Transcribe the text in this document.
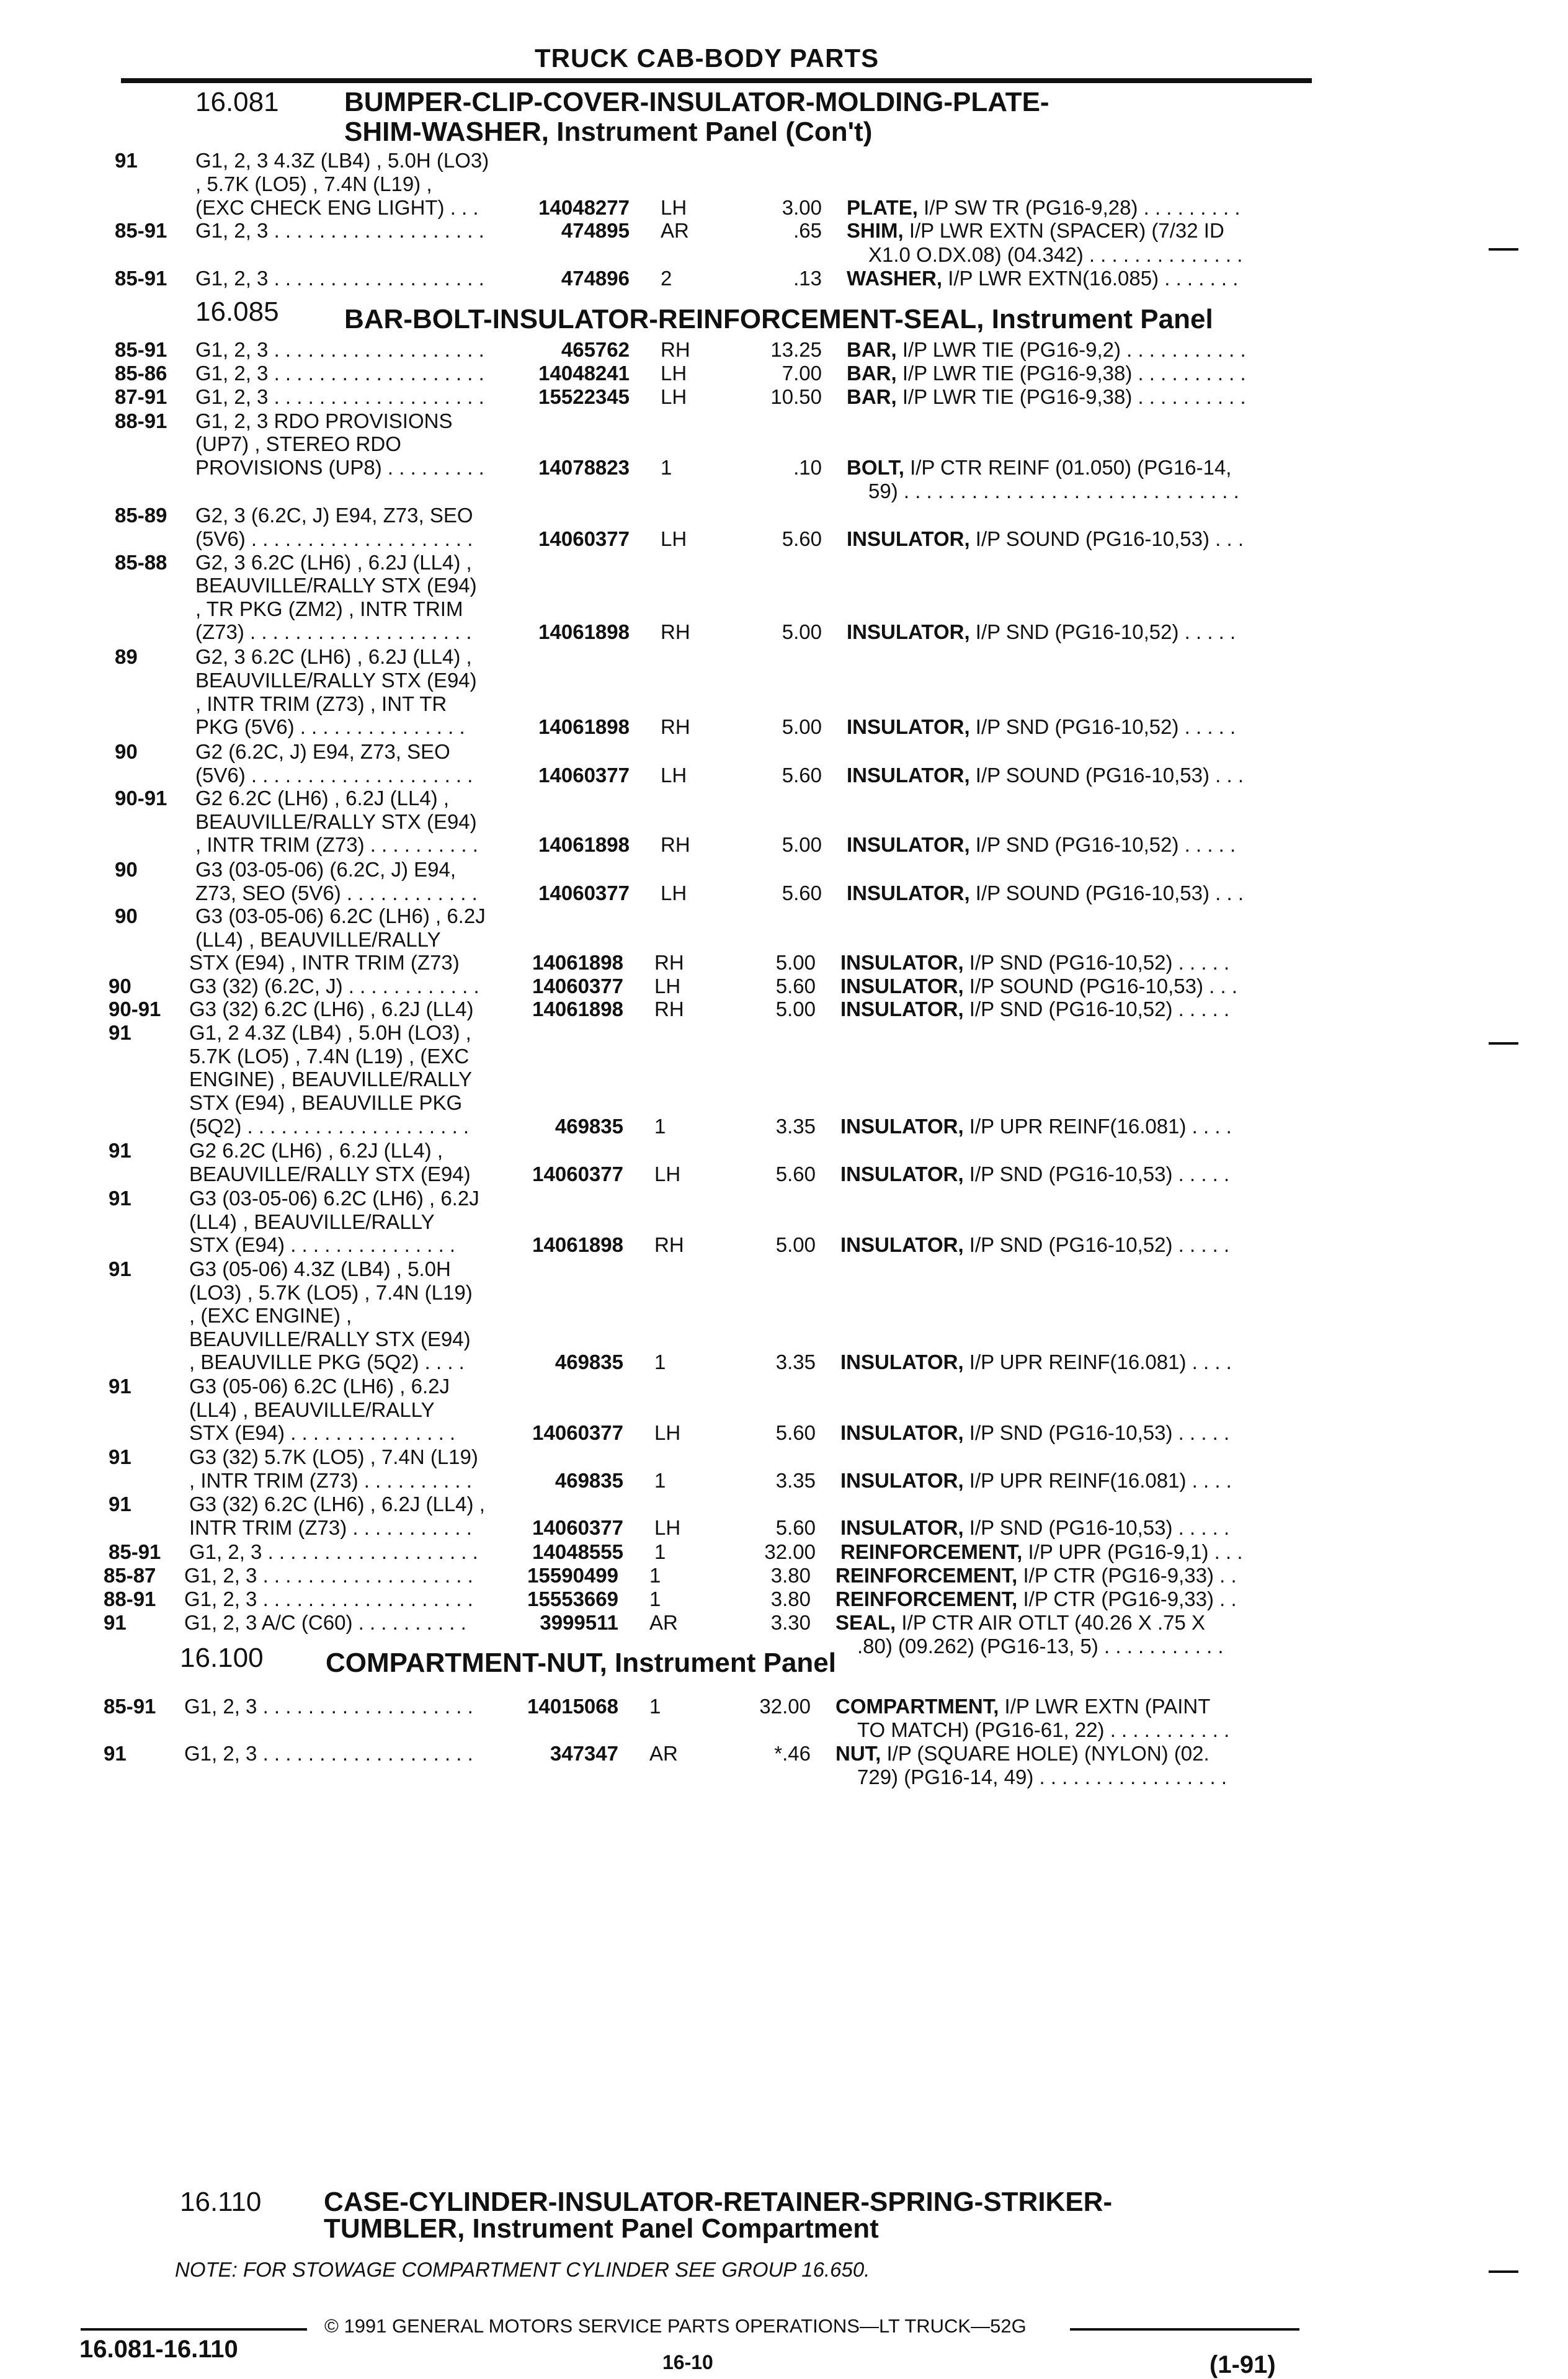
TRUCK CAB-BODY PARTS
91	G1, 2, 3 4.3Z (LB4) , 5.0H (LO3)
, 5.7K (LO5) , 7.4N (L19) ,
(EXC CHECK ENG LIGHT) . . .	14048277 LH	3.00 PLATE, I/P SW TR (PG16-9,28) . . . . . . . . .
85-91 G1, 2, 3 . . . . . . . . . . . . . . . . . . .	474895 AR	.65 SHIM, I/P LWR EXTN (SPACER) (7/32 ID
X1.0 O.DX.08) (04.342) . . . . . . . . . . . . . .
85-91 G1, 2, 3 . . . . . . . . . . . . . . . . . . .	474896 2	.13 WASHER, I/P LWR EXTN(16.085) . . . . . . .
85-91 G1, 2, 3 . . . . . . . . . . . . . . . . . . .	465762 RH	13.25 BAR, I/P LWR TIE (PG16-9,2) . . . . . . . . . . .
85-86 G1, 2, 3 . . . . . . . . . . . . . . . . . . .	14048241 LH	7.00 BAR, I/P LWR TIE (PG16-9,38) . . . . . . . . . .
87-91 G1, 2, 3 . . . . . . . . . . . . . . . . . . .	15522345 LH	10.50 BAR, I/P LWR TIE (PG16-9,38) . . . . . . . . . .
88-91 G1, 2, 3 RDO PROVISIONS
(UP7) , STEREO RDO
PROVISIONS (UP8) . . . . . . . . .	14078823 1	.10 BOLT, I/P CTR REINF (01.050) (PG16-14,
59) . . . . . . . . . . . . . . . . . . . . . . . . . . . . . .
85-89 G2, 3 (6.2C, J) E94, Z73, SEO
(5V6) . . . . . . . . . . . . . . . . . . . .	14060377 LH	5.60 INSULATOR, I/P SOUND (PG16-10,53) . . .
85-88 G2, 3 6.2C (LH6) , 6.2J (LL4) ,
BEAUVILLE/RALLY STX (E94)
, TR PKG (ZM2) , INTR TRIM
(Z73) . . . . . . . . . . . . . . . . . . . .	14061898 RH	5.00 INSULATOR, I/P SND (PG16-10,52) . . . . .
89	G2, 3 6.2C (LH6) , 6.2J (LL4) ,
BEAUVILLE/RALLY STX (E94)
, INTR TRIM (Z73) , INT TR
PKG (5V6) . . . . . . . . . . . . . . .	14061898 RH	5.00 INSULATOR, I/P SND (PG16-10,52) . . . . .
90	G2 (6.2C, J) E94, Z73, SEO
(5V6) . . . . . . . . . . . . . . . . . . . .	14060377 LH	5.60 INSULATOR, I/P SOUND (PG16-10,53) . . .
90-91 G2 6.2C (LH6) , 6.2J (LL4) ,
BEAUVILLE/RALLY STX (E94)
, INTR TRIM (Z73) . . . . . . . . . .	14061898 RH	5.00 INSULATOR, I/P SND (PG16-10,52) . . . . .
90	G3 (03-05-06) (6.2C, J) E94,
Z73, SEO (5V6) . . . . . . . . . . . .	14060377 LH	5.60 INSULATOR, I/P SOUND (PG16-10,53) . . .
90	G3 (03-05-06) 6.2C (LH6) , 6.2J
(LL4) , BEAUVILLE/RALLY
STX (E94) , INTR TRIM (Z73)	14061898 RH	5.00 INSULATOR, I/P SND (PG16-10,52) . . . . .
90	G3 (32) (6.2C, J) . . . . . . . . . . . .	14060377 LH	5.60 INSULATOR, I/P SOUND (PG16-10,53) . . .
90-91 G3 (32) 6.2C (LH6) , 6.2J (LL4)	14061898 RH	5.00 INSULATOR, I/P SND (PG16-10,52) . . . . .
91	G1, 2 4.3Z (LB4) , 5.0H (LO3) ,
5.7K (LO5) , 7.4N (L19) , (EXC
ENGINE) , BEAUVILLE/RALLY
STX (E94) , BEAUVILLE PKG
(5Q2) . . . . . . . . . . . . . . . . . . . .	469835 1	3.35 INSULATOR, I/P UPR REINF(16.081) . . . .
91	G2 6.2C (LH6) , 6.2J (LL4) ,
BEAUVILLE/RALLY STX (E94)	14060377 LH	5.60 INSULATOR, I/P SND (PG16-10,53) . . . . .
91	G3 (03-05-06) 6.2C (LH6) , 6.2J
(LL4) , BEAUVILLE/RALLY
STX (E94) . . . . . . . . . . . . . . .	14061898 RH	5.00 INSULATOR, I/P SND (PG16-10,52) . . . . .
91	G3 (05-06) 4.3Z (LB4) , 5.0H
(LO3) , 5.7K (LO5) , 7.4N (L19)
, (EXC ENGINE) ,
BEAUVILLE/RALLY STX (E94)
, BEAUVILLE PKG (5Q2) . . . .	469835 1	3.35 INSULATOR, I/P UPR REINF(16.081) . . . .
91	G3 (05-06) 6.2C (LH6) , 6.2J
(LL4) , BEAUVILLE/RALLY
STX (E94) . . . . . . . . . . . . . . .	14060377 LH	5.60 INSULATOR, I/P SND (PG16-10,53) . . . . .
91	G3 (32) 5.7K (LO5) , 7.4N (L19)
, INTR TRIM (Z73) . . . . . . . . . .	469835 1	3.35 INSULATOR, I/P UPR REINF(16.081) . . . .
91	G3 (32) 6.2C (LH6) , 6.2J (LL4) ,
INTR TRIM (Z73) . . . . . . . . . . .	14060377 LH	5.60 INSULATOR, I/P SND (PG16-10,53) . . . . .
85-91 G1, 2, 3 . . . . . . . . . . . . . . . . . . .	14048555 1	32.00 REINFORCEMENT, I/P UPR (PG16-9,1) . . .
85-87 G1, 2, 3 . . . . . . . . . . . . . . . . . . .	15590499 1	3.80 REINFORCEMENT, I/P CTR (PG16-9,33) . .
88-91 G1, 2, 3 . . . . . . . . . . . . . . . . . . .	15553669 1	3.80 REINFORCEMENT, I/P CTR (PG16-9,33) . .
91	G1, 2, 3 A/C (C60) . . . . . . . . . .	3999511 AR	3.30 SEAL, I/P CTR AIR OTLT (40.26 X .75 X
.80) (09.262) (PG16-13, 5) . . . . . . . . . . .
85-91 G1, 2, 3 . . . . . . . . . . . . . . . . . . .	14015068 1	32.00 COMPARTMENT, I/P LWR EXTN (PAINT
TO MATCH) (PG16-61, 22) . . . . . . . . . . .
91	G1, 2, 3 . . . . . . . . . . . . . . . . . . .	347347 AR	*.46 NUT, I/P (SQUARE HOLE) (NYLON) (02.
729) (PG16-14, 49) . . . . . . . . . . . . . . . . .
NOTE: FOR STOWAGE COMPARTMENT CYLINDER SEE GROUP 16.650.
© 1991 GENERAL MOTORS SERVICE PARTS OPERATIONS—LT TRUCK—52G
16.081-16.110	16-10	(1-91)
16.081 BUMPER-CLIP-COVER-INSULATOR-MOLDING-PLATE-
SHIM-WASHER, Instrument Panel (Con't)
16.085 BAR-BOLT-INSULATOR-REINFORCEMENT-SEAL, Instrument Panel
16.100 COMPARTMENT-NUT, Instrument Panel
16.110 CASE-CYLINDER-INSULATOR-RETAINER-SPRING-STRIKER-
TUMBLER, Instrument Panel Compartment
